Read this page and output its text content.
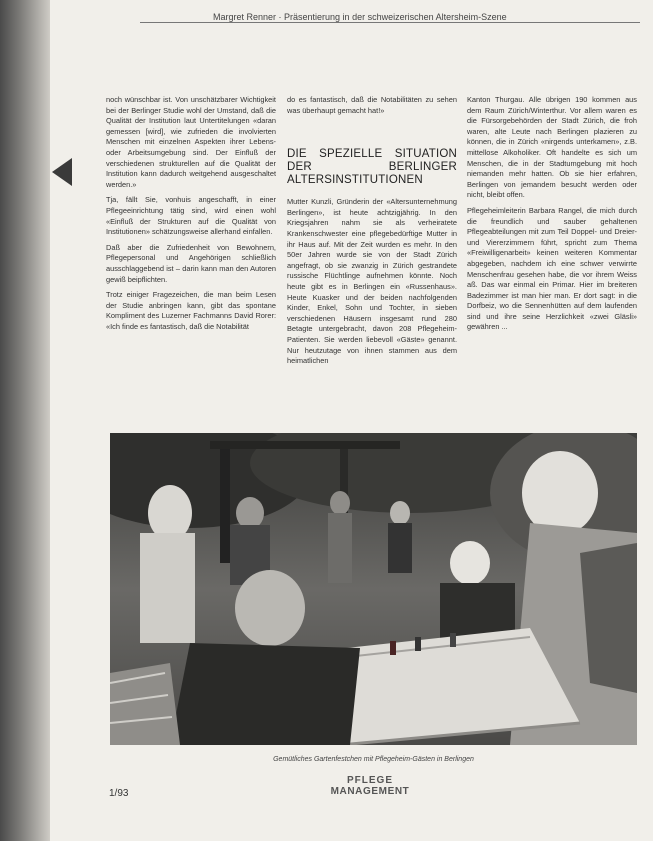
Margret Renner · Präsentierung in der schweizerischen Altersheim-Szene

noch wünschbar ist. Von unschätzbarer Wichtigkeit bei der Berlinger Studie wohl der Umstand, daß die Qualität der Institution laut Untertitelungen «daran gemessen [wird], wie zufrieden die involvierten Menschen mit einzelnen Aspekten ihrer Lebens- oder Arbeitsumgebung sind. Der Einfluß der verschiedenen strukturellen auf die Qualität der Institution kann dadurch weitgehend ausgeschaltet werden.»

Tja, fällt Sie, vonhuis angeschafft, in einer Pflegeeinrichtung tätig sind, wird einen wohl «Einfluß der Strukturen auf die Qualität von Institutionen» schätzungsweise allerhand einfallen.

Daß aber die Zufriedenheit von Bewohnern, Pflegepersonal und Angehörigen schließlich ausschlaggebend ist – darin kann man den Autoren gewiß beipflichten.

Trotz einiger Fragezeichen, die man beim Lesen der Studie anbringen kann, gibt das spontane Kompliment des Luzerner Fachmanns David Rorer: «Ich finde es fantastisch, daß die Notabilität

do es fantastisch, daß die Notabilitäten zu sehen was überhaupt gemacht hat!»

DIE SPEZIELLE SITUATION DER BERLINGER ALTERSINSTITUTIONEN

Mutter Kunzli, Gründerin der «Altersunternehmung Berlingen», ist heute achtzigjährig. In den Kriegsjahren nahm sie als verheiratete Krankenschwester eine pflegebedürftige Mutter in ihr Haus auf. Mit der Zeit wurden es mehr. In den 50er Jahren wurde sie von der Stadt Zürich angefragt, ob sie zwanzig in Zürich gestrandete russische Flüchtlinge aufnehmen könnte. Noch heute gibt es in Berlingen ein «Russenhaus». Heute Kuasker und der beiden nachfolgenden Kinder, Enkel, Sohn und Tochter, in sieben verschiedenen Häusern insgesamt rund 280 Betagte untergebracht, davon 208 Pflegeheim-Patienten. Sie werden liebevoll «Gäste» genannt. Nur heutzutage von ihnen stammen aus dem heimatlichen

Kanton Thurgau. Alle übrigen 190 kommen aus dem Raum Zürich/Winterthur. Vor allem waren es die Fürsorgebehörden der Stadt Zürich, die froh waren, alte Leute nach Berlingen plazieren zu können, die in Zürich «nirgends unterkamen», z.B. mittellose Alkoholiker. Oft handelte es sich um Menschen, die in der Stadtumgebung mit hoch niemanden mehr hatten. Ob sie hier erfahren, Berlingen von jemandem besucht werden oder nicht, bleibt offen.

Pflegeheimleiterin Barbara Rangel, die mich durch die freundlich und sauber gehaltenen Pflegeabteilungen mit zum Teil Doppel- und Dreier- und Viererzimmern führt, spricht zum Thema «Freiwilligenarbeit» keinen weiteren Kommentar abgegeben, nachdem ich eine schwer verwirrte Menschenfrau gesehen habe, die vor ihrem Weiss aß. Das war einmal ein Primar. Hier im breiteren Badezimmer ist man hier man. Er dort sagt: in die Dorfbeiz, wo die Sennenhütten auf dem laufenden sind und ihre seine Herzlichkeit «zwei Gläsli» gewähren ...

Gemütliches Gartenfestchen mit Pflegeheim-Gästen in Berlingen
1/93
PFLEGE
MANAGEMENT
